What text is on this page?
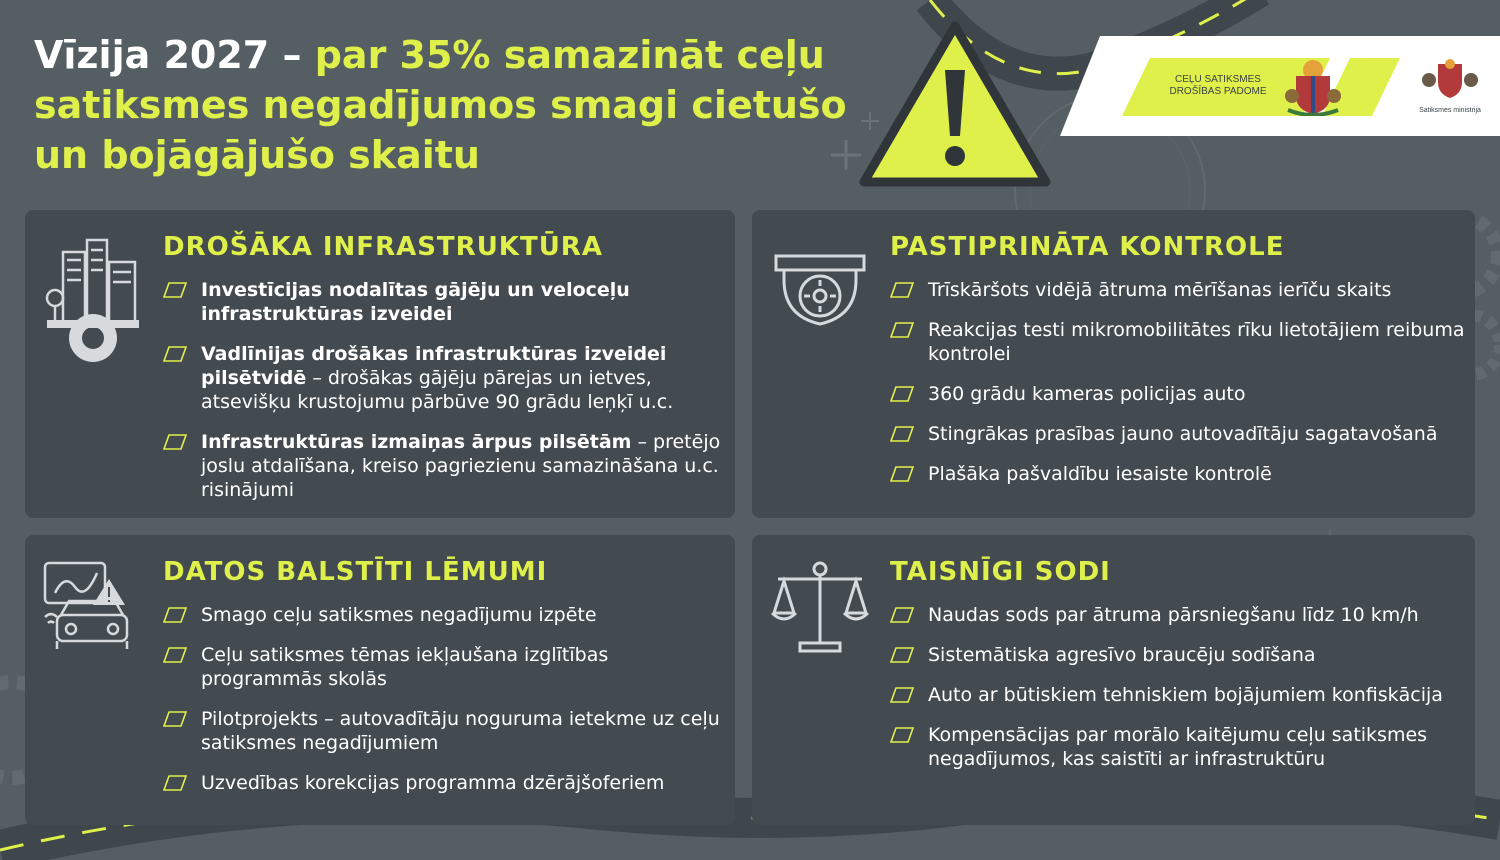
Vīzija 2027 – par 35% samazināt ceļu satiksmes negadījumos smagi cietušo un bojāgājušo skaitu
CEĻU SATIKSMES
DROŠĪBAS PADOME
Satiksmes ministrija
DROŠĀKA INFRASTRUKTŪRA
Investīcijas nodalītas gājēju un veloceļu infrastruktūras izveidei
Vadlīnijas drošākas infrastruktūras izveidei pilsētvidē – drošākas gājēju pārejas un ietves, atsevišķu krustojumu pārbūve 90 grādu leņķī u.c.
Infrastruktūras izmaiņas ārpus pilsētām – pretējo joslu atdalīšana, kreiso pagriezienu samazināšana u.c. risinājumi
PASTIPRINĀTA KONTROLE
Trīskāršots vidējā ātruma mērīšanas ierīču skaits
Reakcijas testi mikromobilitātes rīku lietotājiem reibuma kontrolei
360 grādu kameras policijas auto
Stingrākas prasības jauno autovadītāju sagatavošanā
Plašāka pašvaldību iesaiste kontrolē
DATOS BALSTĪTI LĒMUMI
Smago ceļu satiksmes negadījumu izpēte
Ceļu satiksmes tēmas iekļaušana izglītības programmās skolās
Pilotprojekts – autovadītāju noguruma ietekme uz ceļu satiksmes negadījumiem
Uzvedības korekcijas programma dzērājšoferiem
TAISNĪGI SODI
Naudas sods par ātruma pārsniegšanu līdz 10 km/h
Sistemātiska agresīvo braucēju sodīšana
Auto ar būtiskiem tehniskiem bojājumiem konfiskācija
Kompensācijas par morālo kaitējumu ceļu satiksmes negadījumos, kas saistīti ar infrastruktūru
